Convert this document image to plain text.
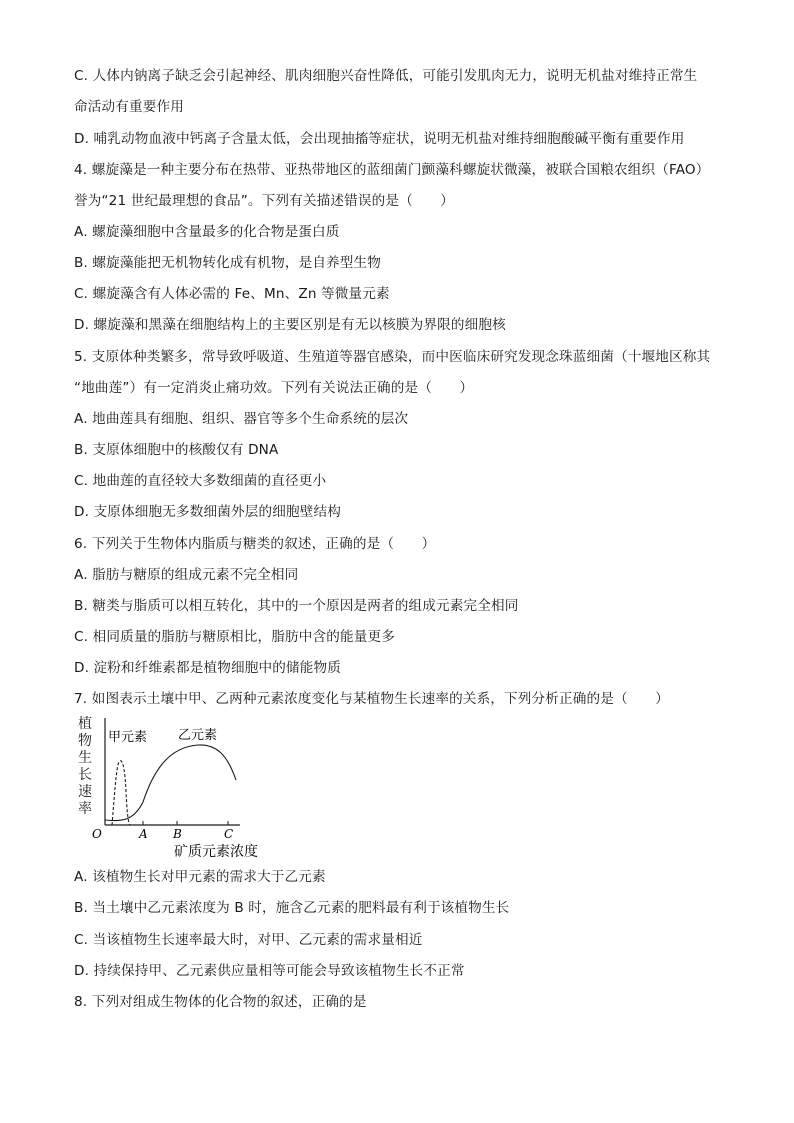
C. 人体内钠离子缺乏会引起神经、肌肉细胞兴奋性降低，可能引发肌肉无力，说明无机盐对维持正常生
命活动有重要作用
D. 哺乳动物血液中钙离子含量太低，会出现抽搐等症状，说明无机盐对维持细胞酸碱平衡有重要作用
4. 螺旋藻是一种主要分布在热带、亚热带地区的蓝细菌门颤藻科螺旋状微藻，被联合国粮农组织（FAO）
誉为“21 世纪最理想的食品”。下列有关描述错误的是（　　）
A. 螺旋藻细胞中含量最多的化合物是蛋白质
B. 螺旋藻能把无机物转化成有机物，是自养型生物
C. 螺旋藻含有人体必需的 Fe、Mn、Zn 等微量元素
D. 螺旋藻和黑藻在细胞结构上的主要区别是有无以核膜为界限的细胞核
5. 支原体种类繁多，常导致呼吸道、生殖道等器官感染，而中医临床研究发现念珠蓝细菌（十堰地区称其
“地曲莲”）有一定消炎止痛功效。下列有关说法正确的是（　　）
A. 地曲莲具有细胞、组织、器官等多个生命系统的层次
B. 支原体细胞中的核酸仅有 DNA
C. 地曲莲的直径较大多数细菌的直径更小
D. 支原体细胞无多数细菌外层的细胞壁结构
6. 下列关于生物体内脂质与糖类的叙述，正确的是（　　）
A. 脂肪与糖原的组成元素不完全相同
B. 糖类与脂质可以相互转化，其中的一个原因是两者的组成元素完全相同
C. 相同质量的脂肪与糖原相比，脂肪中含的能量更多
D. 淀粉和纤维素都是植物细胞中的储能物质
7. 如图表示土壤中甲、乙两种元素浓度变化与某植物生长速率的关系，下列分析正确的是（　　）
植
物
生
长
速
率
O	A B	C
矿质元素浓度
甲元素 乙元素
A. 该植物生长对甲元素的需求大于乙元素
B. 当土壤中乙元素浓度为 B 时，施含乙元素的肥料最有利于该植物生长
C. 当该植物生长速率最大时，对甲、乙元素的需求量相近
D. 持续保持甲、乙元素供应量相等可能会导致该植物生长不正常
8. 下列对组成生物体的化合物的叙述，正确的是
